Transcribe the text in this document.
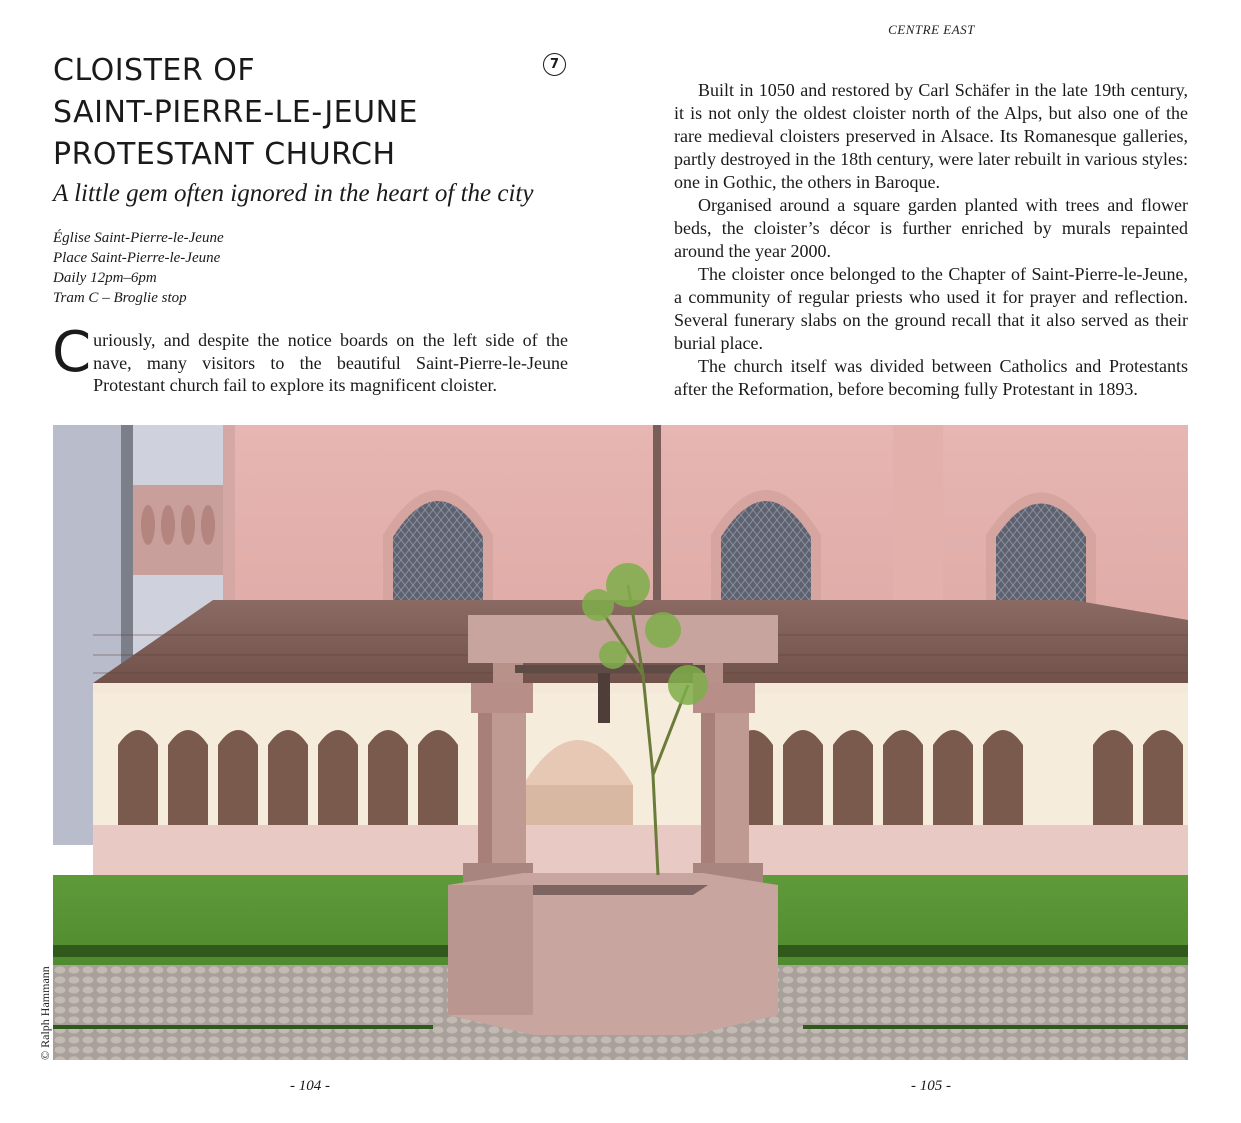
CENTRE EAST
CLOISTER OF
SAINT-PIERRE-LE-JEUNE
PROTESTANT CHURCH
7
A little gem often ignored in the heart of the city
Église Saint-Pierre-le-Jeune
Place Saint-Pierre-le-Jeune
Daily 12pm–6pm
Tram C – Broglie stop
Curiously, and despite the notice boards on the left side of the nave, many visitors to the beautiful Saint-Pierre-le-Jeune Protestant church fail to explore its magnificent cloister.

Built in 1050 and restored by Carl Schäfer in the late 19th century, it is not only the oldest cloister north of the Alps, but also one of the rare medieval cloisters preserved in Alsace. Its Romanesque galleries, partly destroyed in the 18th century, were later rebuilt in various styles: one in Gothic, the others in Baroque.

Organised around a square garden planted with trees and flower beds, the cloister’s décor is further enriched by murals repainted around the year 2000.

The cloister once belonged to the Chapter of Saint-Pierre-le-Jeune, a community of regular priests who used it for prayer and reflection. Several funerary slabs on the ground recall that it also served as their burial place.

The church itself was divided between Catholics and Protestants after the Reformation, before becoming fully Protestant in 1893.

© Ralph Hammann
- 104 -	- 105 -
